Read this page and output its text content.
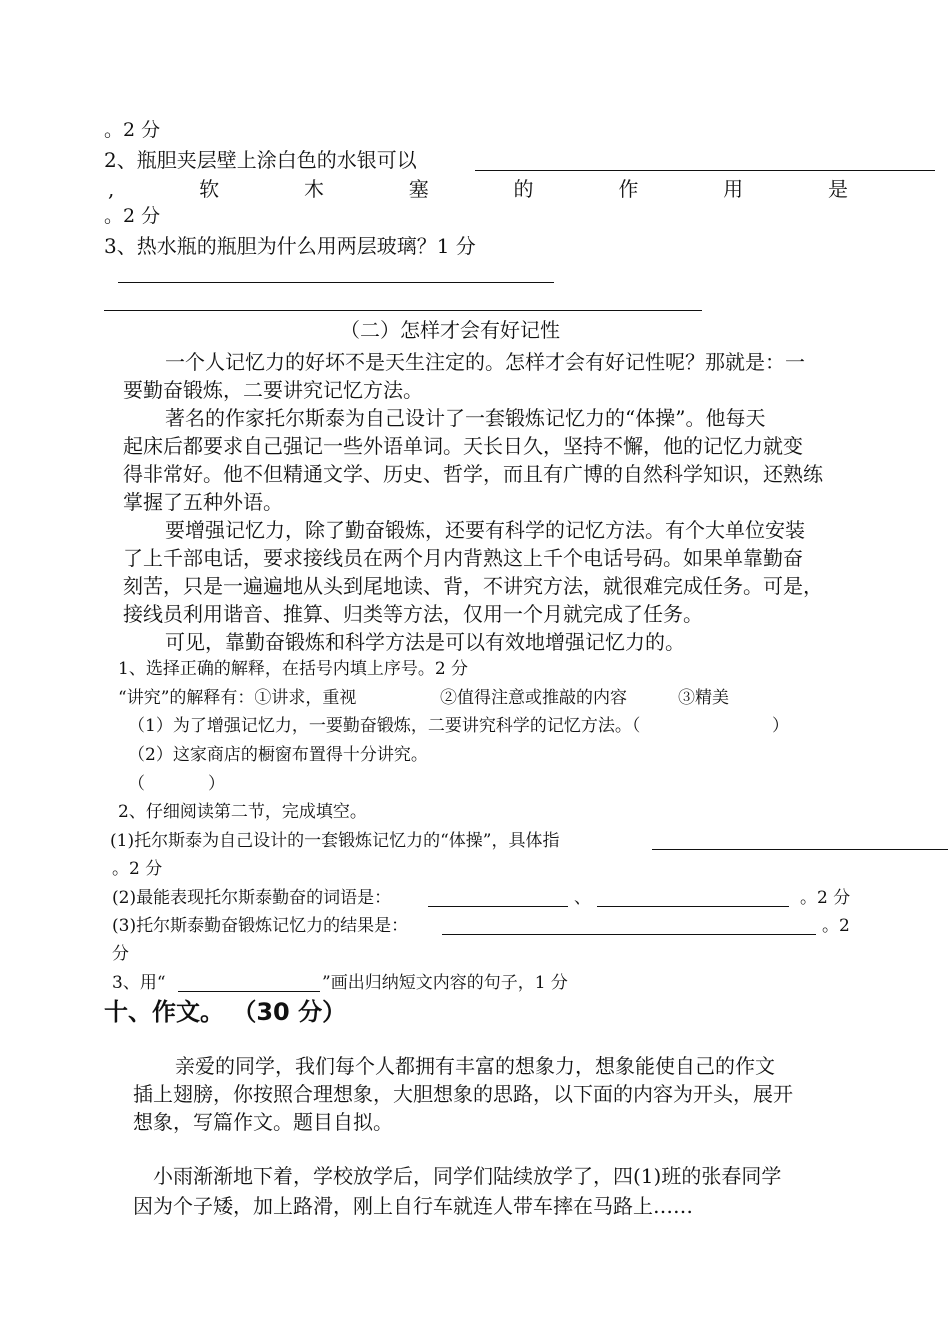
。2 分
2、瓶胆夹层壁上涂白色的水银可以
,	软	木	塞	的	作	用	是
。2 分
3、热水瓶的瓶胆为什么用两层玻璃？1 分
（二）怎样才会有好记性
一个人记忆力的好坏不是天生注定的。怎样才会有好记性呢？那就是：一
要勤奋锻炼，二要讲究记忆方法。
著名的作家托尔斯泰为自己设计了一套锻炼记忆力的“体操”。他每天
起床后都要求自己强记一些外语单词。天长日久，坚持不懈，他的记忆力就变
得非常好。他不但精通文学、历史、哲学，而且有广博的自然科学知识，还熟练
掌握了五种外语。
要增强记忆力，除了勤奋锻炼，还要有科学的记忆方法。有个大单位安装
了上千部电话，要求接线员在两个月内背熟这上千个电话号码。如果单靠勤奋
刻苦，只是一遍遍地从头到尾地读、背，不讲究方法，就很难完成任务。可是，
接线员利用谐音、推算、归类等方法，仅用一个月就完成了任务。
可见，靠勤奋锻炼和科学方法是可以有效地增强记忆力的。
1、选择正确的解释，在括号内填上序号。2 分
“讲究”的解释有：①讲求，重视	②值得注意或推敲的内容	③精美
（1）为了增强记忆力，一要勤奋锻炼，二要讲究科学的记忆方法。（	）
（2）这家商店的橱窗布置得十分讲究。
（	）
2、仔细阅读第二节，完成填空。
(1)托尔斯泰为自己设计的一套锻炼记忆力的“体操”，具体指
。2 分
(2)最能表现托尔斯泰勤奋的词语是：	、	。2 分
(3)托尔斯泰勤奋锻炼记忆力的结果是：	。2
分
3、用“	”画出归纳短文内容的句子，1 分
十、作文。 （30 分）
亲爱的同学，我们每个人都拥有丰富的想象力，想象能使自己的作文
插上翅膀，你按照合理想象，大胆想象的思路，以下面的内容为开头，展开
想象，写篇作文。题目自拟。
小雨渐渐地下着，学校放学后，同学们陆续放学了，四(1)班的张春同学
因为个子矮，加上路滑，刚上自行车就连人带车摔在马路上……
